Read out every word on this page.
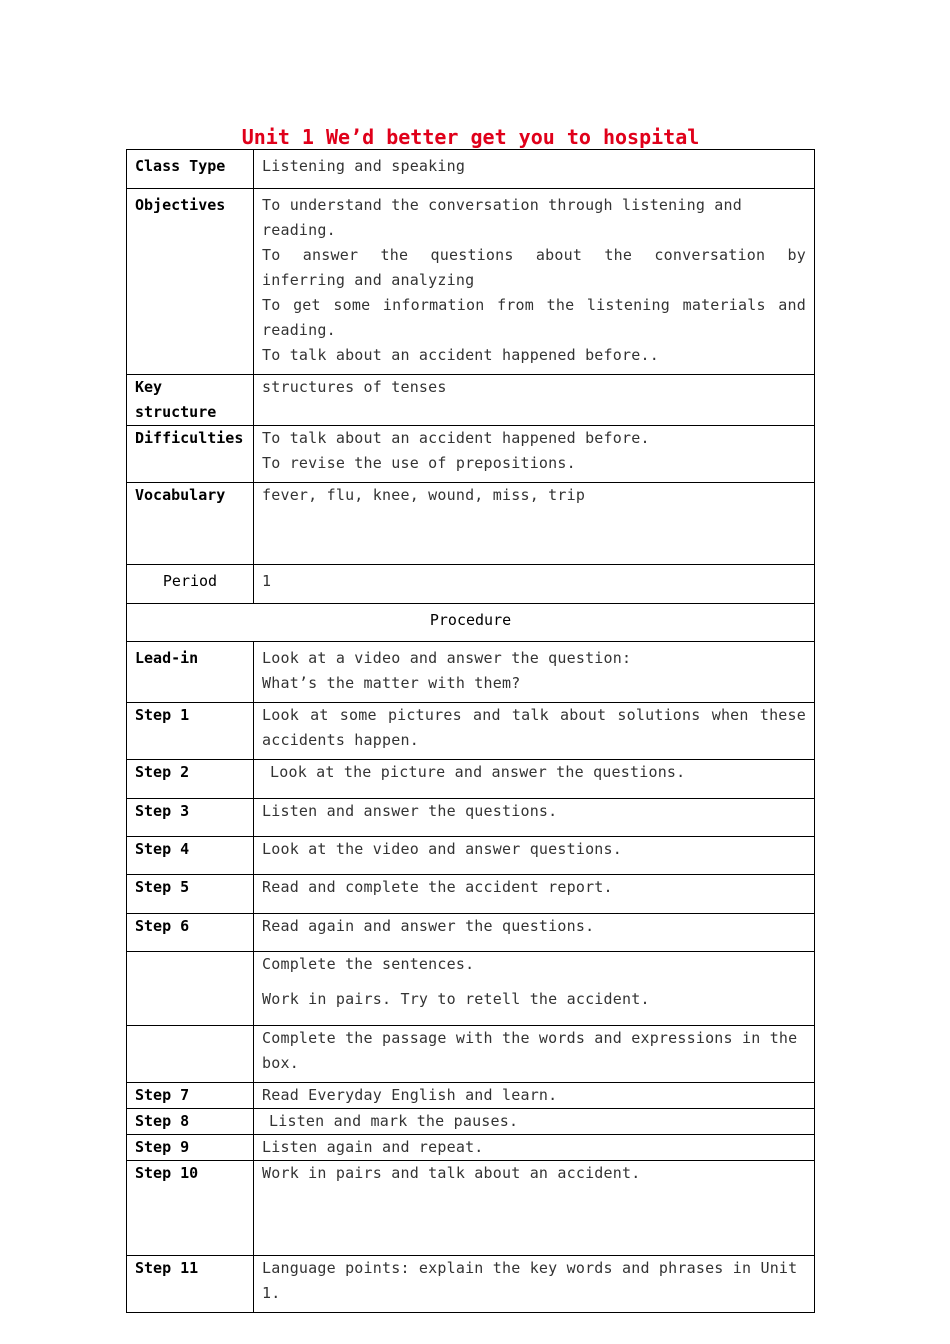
Unit 1 We’d better get you to hospital
Class Type	Listening and speaking

Objectives	To understand the conversation through listening and reading.
To answer the questions about the conversation by inferring and analyzing
To get some information from the listening materials and reading.
To talk about an accident happened before..

Key structure	structures of tenses

Difficulties	To talk about an accident happened before.
To revise the use of prepositions.

Vocabulary	fever, flu, knee, wound, miss, trip

Period	1

Procedure	
Lead-in	Look at a video and answer the question:
What’s the matter with them?

Step 1	Look at some pictures and talk about solutions when these accidents happen.
Step 2	Look at the picture and answer the questions.

Step 3	Listen and answer the questions.

Step 4	Look at the video and answer questions.

Step 5	Read and complete the accident report.

Step 6	Read again and answer the questions.

	Complete the sentences.
Work in pairs. Try to retell the accident.

	Complete the passage with the words and expressions in the box.

Step 7	Read Everyday English and learn.

Step 8	Listen and mark the pauses.

Step 9	Listen again and repeat.

Step 10	Work in pairs and talk about an accident.

Step 11	Language points: explain the key words and phrases in Unit 1.
